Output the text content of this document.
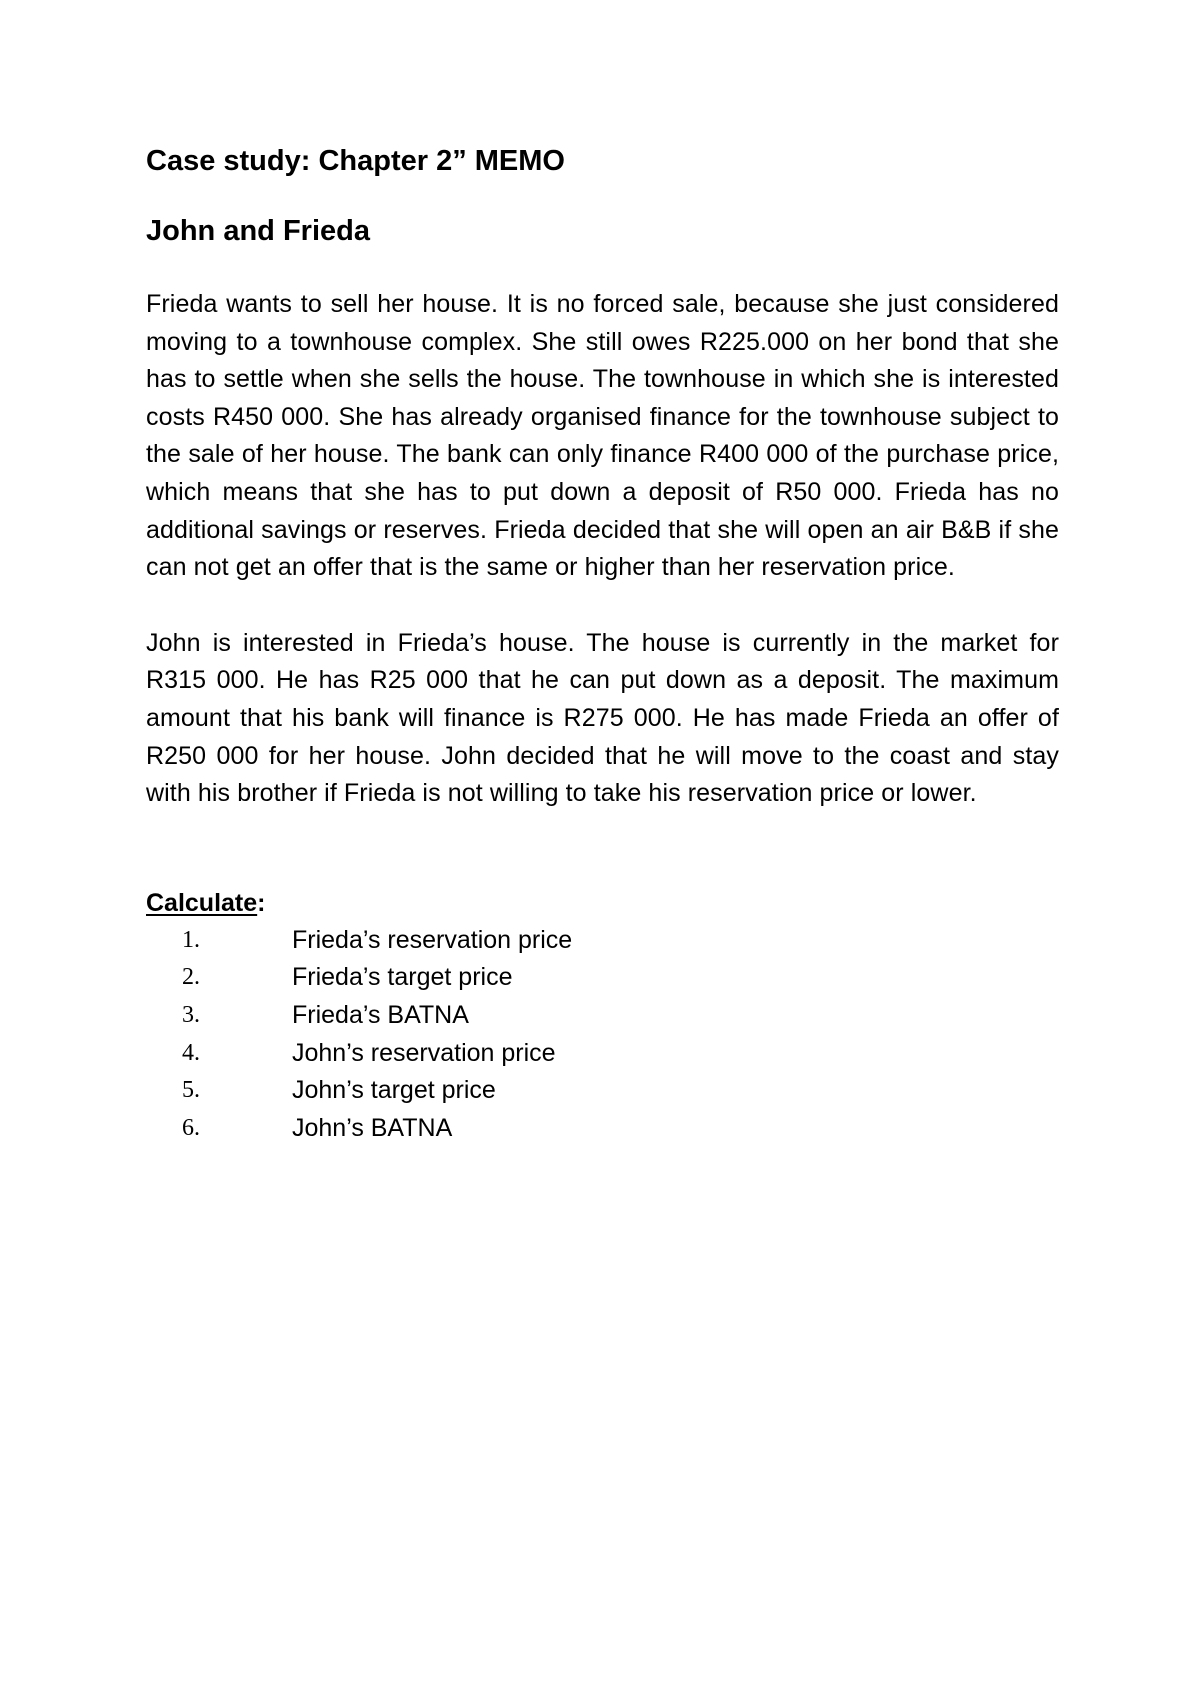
Case study: Chapter 2” MEMO
John and Frieda

Frieda wants to sell her house. It is no forced sale, because she just considered moving to a townhouse complex. She still owes R225.000 on her bond that she has to settle when she sells the house. The townhouse in which she is interested costs R450 000. She has already organised finance for the townhouse subject to the sale of her house. The bank can only finance R400 000 of the purchase price, which means that she has to put down a deposit of R50 000. Frieda has no additional savings or reserves. Frieda decided that she will open an air B&B if she can not get an offer that is the same or higher than her reservation price.

John is interested in Frieda’s house. The house is currently in the market for R315 000. He has R25 000 that he can put down as a deposit. The maximum amount that his bank will finance is R275 000. He has made Frieda an offer of R250 000 for her house. John decided that he will move to the coast and stay with his brother if Frieda is not willing to take his reservation price or lower.

Calculate:
1.	Frieda’s reservation price
2.	Frieda’s target price
3.	Frieda’s BATNA
4.	John’s reservation price
5.	John’s target price
6.	John’s BATNA
